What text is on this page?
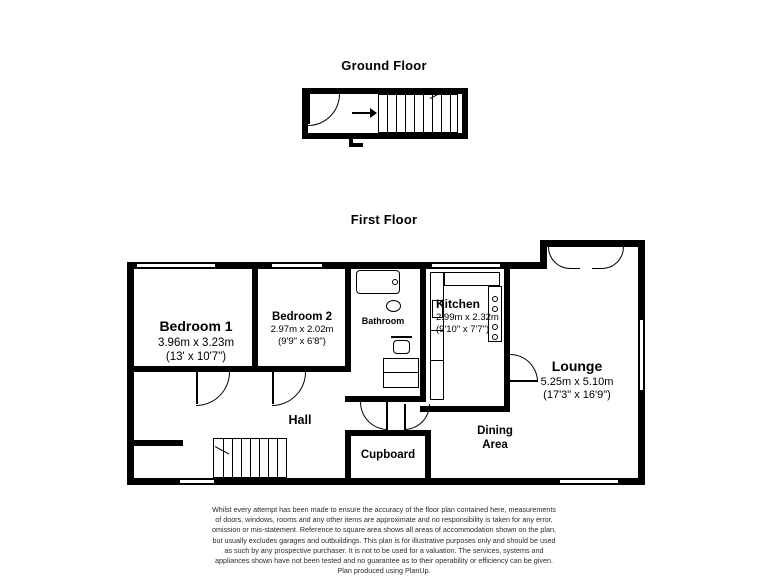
Ground Floor
First Floor
Bedroom 1
3.96m x 3.23m
(13' x 10'7")
Bedroom 2
2.97m x 2.02m
(9'9" x 6'8")
Bathroom
Kitchen
2.99m x 2.32m
(9'10" x 7'7")
Lounge
5.25m x 5.10m
(17'3" x 16'9")
Hall
Cupboard
Dining
Area
Whilst every attempt has been made to ensure the accuracy of the floor plan contained here, measurements
of doors, windows, rooms and any other items are approximate and no responsibility is taken for any error,
omission or mis-statement. Reference to square area shows all areas of accommodation shown on the plan,
but usually excludes garages and outbuildings. This plan is for illustrative purposes only and should be used
as such by any prospective purchaser. It is not to be used for a valuation. The services, systems and
appliances shown have not been tested and no guarantee as to their operability or efficiency can be given.
Plan produced using PlanUp.
